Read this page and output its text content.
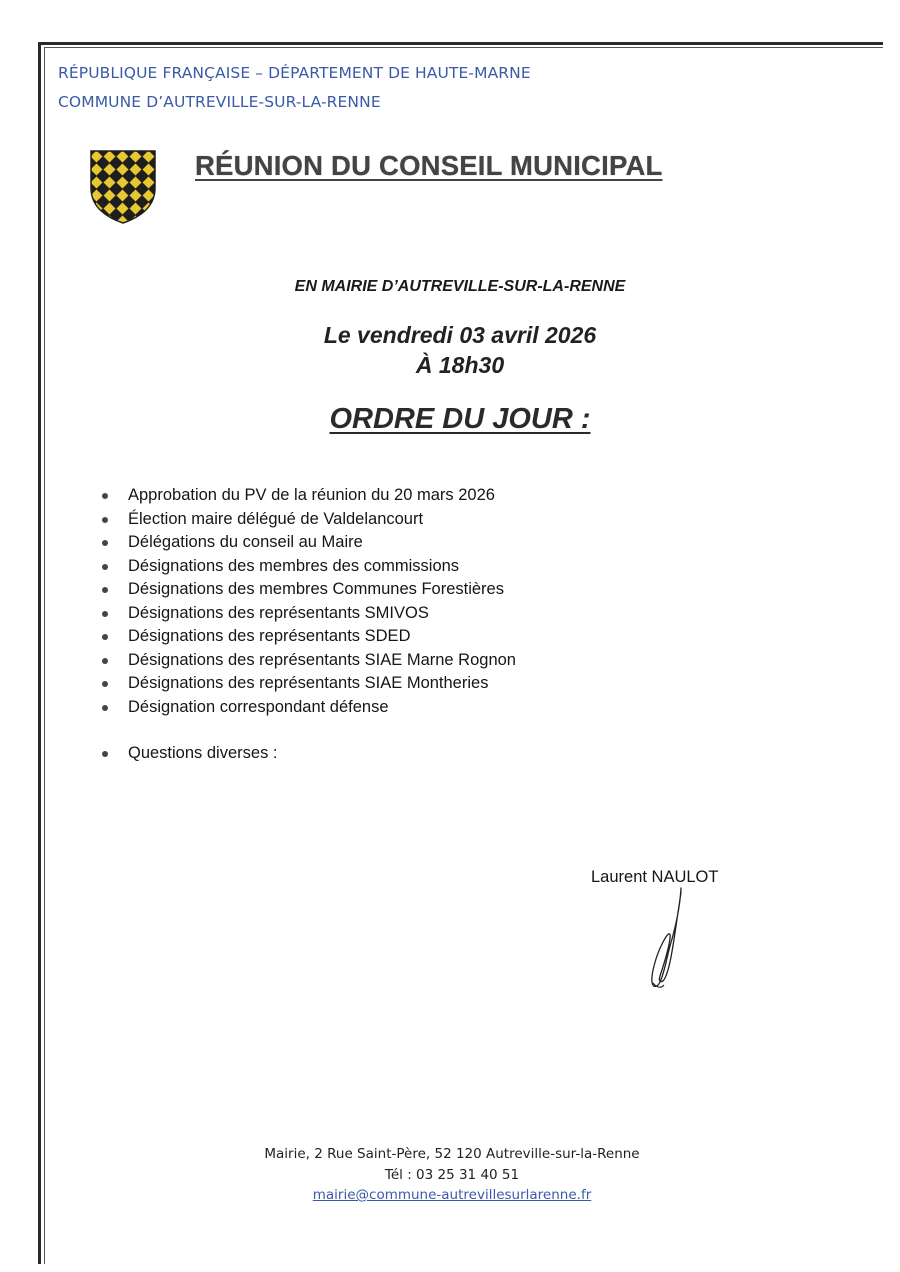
RÉPUBLIQUE FRANÇAISE – DÉPARTEMENT DE HAUTE-MARNE
COMMUNE D’AUTREVILLE-SUR-LA-RENNE
RÉUNION DU CONSEIL MUNICIPAL
EN MAIRIE D’AUTREVILLE-SUR-LA-RENNE
Le vendredi 03 avril 2026
À 18h30
ORDRE DU JOUR :
Approbation du PV de la réunion du 20 mars 2026
Élection maire délégué de Valdelancourt
Délégations du conseil au Maire
Désignations des membres des commissions
Désignations des membres Communes Forestières
Désignations des représentants SMIVOS
Désignations des représentants SDED
Désignations des représentants SIAE Marne Rognon
Désignations des représentants SIAE Montheries
Désignation correspondant défense
Questions diverses :
Laurent NAULOT
Mairie, 2 Rue Saint-Père, 52 120 Autreville-sur-la-Renne
Tél : 03 25 31 40 51
mairie@commune-autrevillesurlarenne.fr
